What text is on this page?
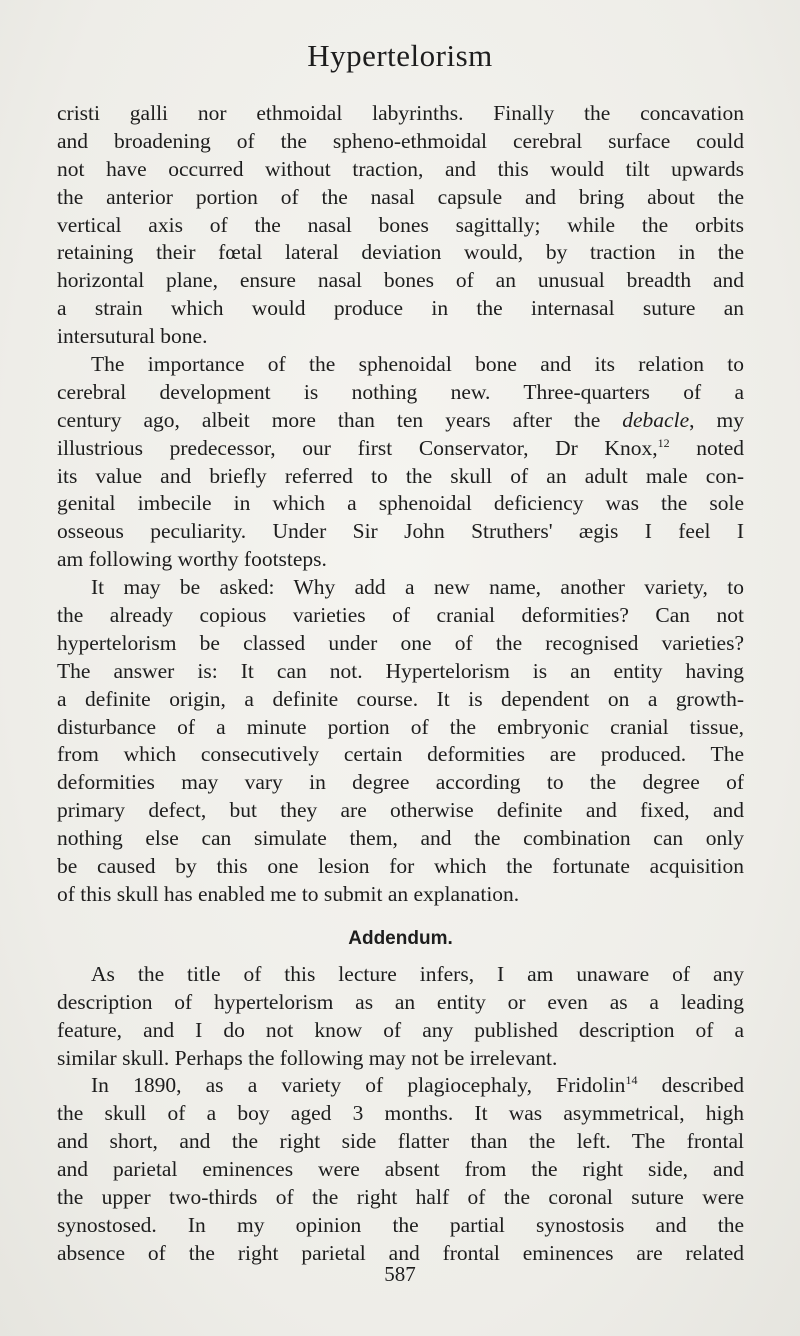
Hypertelorism
cristi galli nor ethmoidal labyrinths. Finally the concavation
and broadening of the spheno-ethmoidal cerebral surface could
not have occurred without traction, and this would tilt upwards
the anterior portion of the nasal capsule and bring about the
vertical axis of the nasal bones sagittally; while the orbits
retaining their fœtal lateral deviation would, by traction in the
horizontal plane, ensure nasal bones of an unusual breadth and
a strain which would produce in the internasal suture an
intersutural bone.
The importance of the sphenoidal bone and its relation to
cerebral development is nothing new. Three-quarters of a
century ago, albeit more than ten years after the debacle, my
illustrious predecessor, our first Conservator, Dr Knox,$^{12}$ noted
its value and briefly referred to the skull of an adult male con-
genital imbecile in which a sphenoidal deficiency was the sole
osseous peculiarity. Under Sir John Struthers' ægis I feel I
am following worthy footsteps.
It may be asked: Why add a new name, another variety, to
the already copious varieties of cranial deformities? Can not
hypertelorism be classed under one of the recognised varieties?
The answer is: It can not. Hypertelorism is an entity having
a definite origin, a definite course. It is dependent on a growth-
disturbance of a minute portion of the embryonic cranial tissue,
from which consecutively certain deformities are produced. The
deformities may vary in degree according to the degree of
primary defect, but they are otherwise definite and fixed, and
nothing else can simulate them, and the combination can only
be caused by this one lesion for which the fortunate acquisition
of this skull has enabled me to submit an explanation.
Addendum.
As the title of this lecture infers, I am unaware of any
description of hypertelorism as an entity or even as a leading
feature, and I do not know of any published description of a
similar skull. Perhaps the following may not be irrelevant.
In 1890, as a variety of plagiocephaly, Fridolin$^{14}$ described
the skull of a boy aged 3 months. It was asymmetrical, high
and short, and the right side flatter than the left. The frontal
and parietal eminences were absent from the right side, and
the upper two-thirds of the right half of the coronal suture were
synostosed. In my opinion the partial synostosis and the
absence of the right parietal and frontal eminences are related
587
